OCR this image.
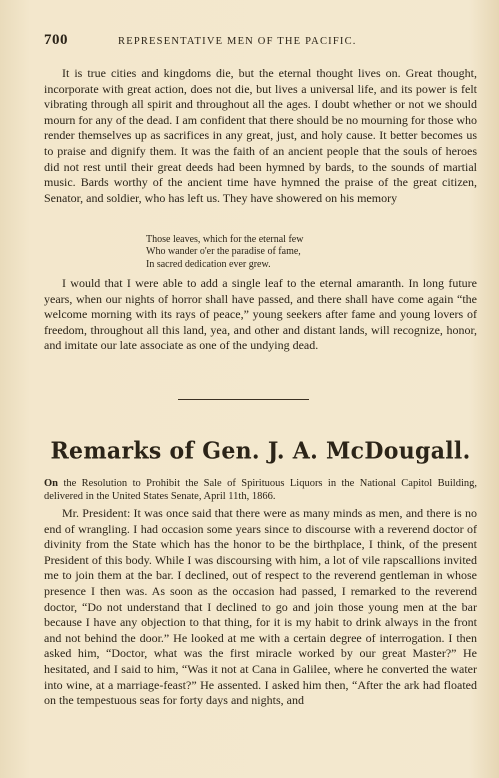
700	REPRESENTATIVE MEN OF THE PACIFIC.
It is true cities and kingdoms die, but the eternal thought lives on. Great thought, incorporate with great action, does not die, but lives a universal life, and its power is felt vibrating through all spirit and throughout all the ages. I doubt whether or not we should mourn for any of the dead. I am confident that there should be no mourning for those who render themselves up as sacrifices in any great, just, and holy cause. It better becomes us to praise and dignify them. It was the faith of an ancient people that the souls of heroes did not rest until their great deeds had been hymned by bards, to the sounds of martial music. Bards worthy of the ancient time have hymned the praise of the great citizen, Senator, and soldier, who has left us. They have showered on his memory
Those leaves, which for the eternal few
Who wander o'er the paradise of fame,
In sacred dedication ever grew.
I would that I were able to add a single leaf to the eternal amaranth. In long future years, when our nights of horror shall have passed, and there shall have come again “the welcome morning with its rays of peace,” young seekers after fame and young lovers of freedom, throughout all this land, yea, and other and distant lands, will recognize, honor, and imitate our late associate as one of the undying dead.
Remarks of Gen. J. A. McDougall.
On the Resolution to Prohibit the Sale of Spirituous Liquors in the National Capitol Building, delivered in the United States Senate, April 11th, 1866.
Mr. President: It was once said that there were as many minds as men, and there is no end of wrangling. I had occasion some years since to discourse with a reverend doctor of divinity from the State which has the honor to be the birthplace, I think, of the present President of this body. While I was discoursing with him, a lot of vile rapscallions invited me to join them at the bar. I declined, out of respect to the reverend gentleman in whose presence I then was. As soon as the occasion had passed, I remarked to the reverend doctor, “Do not understand that I declined to go and join those young men at the bar because I have any objection to that thing, for it is my habit to drink always in the front and not behind the door.” He looked at me with a certain degree of interrogation. I then asked him, “Doctor, what was the first miracle worked by our great Master?” He hesitated, and I said to him, “Was it not at Cana in Galilee, where he converted the water into wine, at a marriage-feast?” He assented. I asked him then, “After the ark had floated on the tempestuous seas for forty days and nights, and
